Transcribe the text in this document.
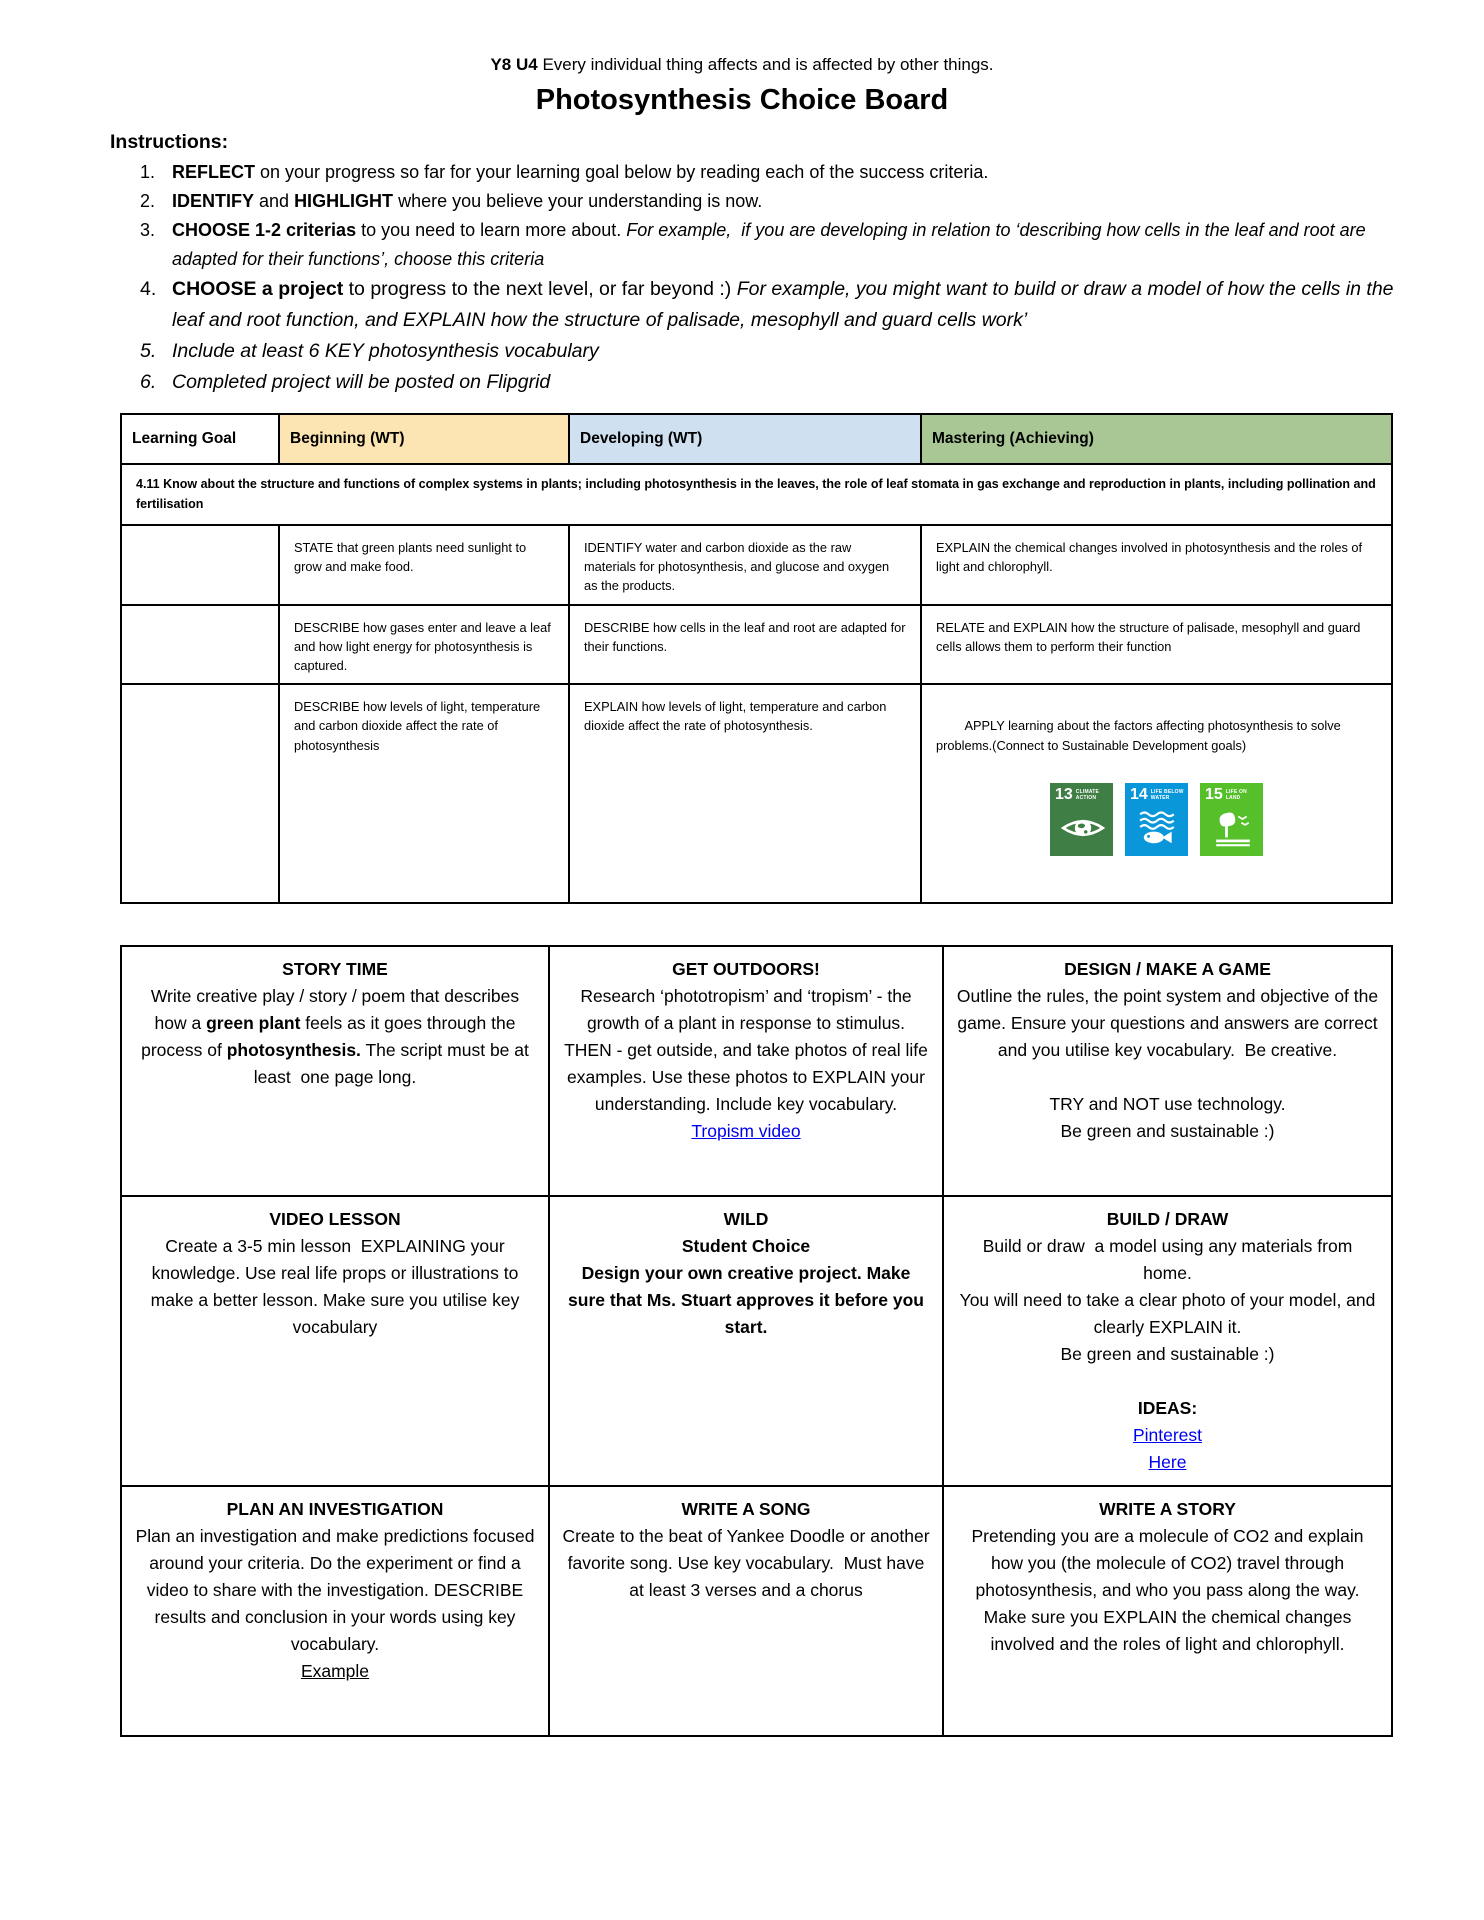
Y8 U4 Every individual thing affects and is affected by other things.
Photosynthesis Choice Board
Instructions:
1. REFLECT on your progress so far for your learning goal below by reading each of the success criteria.
2. IDENTIFY and HIGHLIGHT where you believe your understanding is now.
3. CHOOSE 1-2 criterias to you need to learn more about. For example,  if you are developing in relation to ‘describing how cells in the leaf and root are adapted for their functions’, choose this criteria
4. CHOOSE a project to progress to the next level, or far beyond :) For example, you might want to build or draw a model of how the cells in the leaf and root function, and EXPLAIN how the structure of palisade, mesophyll and guard cells work’
5. Include at least 6 KEY photosynthesis vocabulary
6. Completed project will be posted on Flipgrid
Learning Goal	Beginning (WT)	Developing (WT)	Mastering (Achieving)
4.11 Know about the structure and functions of complex systems in plants; including photosynthesis in the leaves, the role of leaf stomata in gas exchange and reproduction in plants, including pollination and fertilisation			
	STATE that green plants need sunlight to grow and make food.	IDENTIFY water and carbon dioxide as the raw materials for photosynthesis, and glucose and oxygen as the products.	EXPLAIN the chemical changes involved in photosynthesis and the roles of light and chlorophyll.
	DESCRIBE how gases enter and leave a leaf and how light energy for photosynthesis is captured.	DESCRIBE how cells in the leaf and root are adapted for their functions.	RELATE and EXPLAIN how the structure of palisade, mesophyll and guard cells allows them to perform their function
	DESCRIBE how levels of light, temperature and carbon dioxide affect the rate of photosynthesis	EXPLAIN how levels of light, temperature and carbon dioxide affect the rate of photosynthesis.	APPLY learning about the factors affecting photosynthesis to solve problems.(Connect to Sustainable Development goals)

13 CLIMATE ACTION	14 LIFE BELOW WATER	15 LIFE ON LAND

STORY TIME
Write creative play / story / poem that describes how a green plant feels as it goes through the process of photosynthesis. The script must be at least  one page long.

GET OUTDOORS!
Research ‘phototropism’ and ‘tropism’ - the growth of a plant in response to stimulus. THEN - get outside, and take photos of real life examples. Use these photos to EXPLAIN your understanding. Include key vocabulary.
Tropism video

DESIGN / MAKE A GAME
Outline the rules, the point system and objective of the game. Ensure your questions and answers are correct and you utilise key vocabulary.  Be creative.
TRY and NOT use technology.
Be green and sustainable :)

VIDEO LESSON
Create a 3-5 min lesson  EXPLAINING your knowledge. Use real life props or illustrations to make a better lesson. Make sure you utilise key vocabulary

WILD
Student Choice
Design your own creative project. Make sure that Ms. Stuart approves it before you start.

BUILD / DRAW
Build or draw  a model using any materials from home.
You will need to take a clear photo of your model, and clearly EXPLAIN it.
Be green and sustainable :)
IDEAS:
Pinterest
Here

PLAN AN INVESTIGATION
Plan an investigation and make predictions focused around your criteria. Do the experiment or find a video to share with the investigation. DESCRIBE results and conclusion in your words using key vocabulary.
Example

WRITE A SONG
Create to the beat of Yankee Doodle or another favorite song. Use key vocabulary.  Must have at least 3 verses and a chorus

WRITE A STORY
Pretending you are a molecule of CO2 and explain how you (the molecule of CO2) travel through photosynthesis, and who you pass along the way. Make sure you EXPLAIN the chemical changes involved and the roles of light and chlorophyll.
